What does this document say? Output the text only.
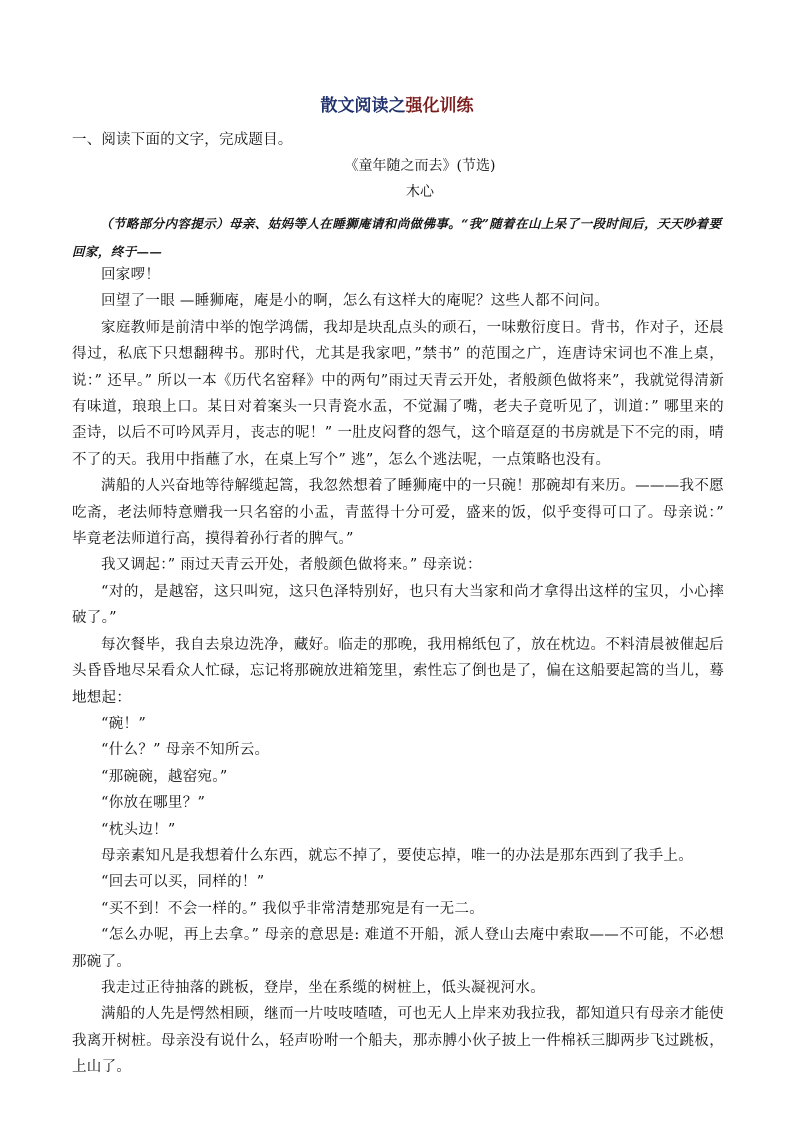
散文阅读之强化训练
一、阅读下面的文字，完成题目。
《童年随之而去》(节选)
木心
（节略部分内容提示）母亲、姑妈等人在睡狮庵请和尚做佛事。“我”随着在山上呆了一段时间后，天天吵着要回家，终于——

回家啰！

回望了一眼 —睡狮庵，庵是小的啊，怎么有这样大的庵呢？这些人都不问问。

家庭教师是前清中举的饱学鸿儒，我却是块乱点头的顽石，一味敷衍度日。背书，作对子，还晨得过，私底下只想翻稗书。那时代，尤其是我家吧，”禁书” 的范围之广，连唐诗宋词也不准上桌，说：” 还早。” 所以一本《历代名窑释》中的两句”雨过天青云开处，者般颜色做将来”，我就觉得清新有味道，琅琅上口。某日对着案头一只青瓷水盂，不觉漏了嘴，老夫子竟听见了，训道：” 哪里来的歪诗，以后不可吟风弄月，丧志的呢！” 一肚皮闷瞀的怨气，这个暗趸趸的书房就是下不完的雨，晴不了的天。我用中指蘸了水，在桌上写个” 逃”，怎么个逃法呢，一点策略也没有。

满船的人兴奋地等待解缆起篙，我忽然想着了睡狮庵中的一只碗！那碗却有来历。———我不愿吃斋，老法师特意赠我一只名窑的小盂，青蓝得十分可爱，盛来的饭，似乎变得可口了。母亲说：” 毕竟老法师道行高，摸得着孙行者的脾气。”

我又调起：” 雨过天青云开处，者般颜色做将来。” 母亲说：

“对的，是越窑，这只叫宛，这只色泽特别好，也只有大当家和尚才拿得出这样的宝贝，小心摔破了。”

每次餐毕，我自去泉边洗净，藏好。临走的那晚，我用棉纸包了，放在枕边。不料清晨被催起后头昏昏地尽呆看众人忙碌，忘记将那碗放进箱笼里，索性忘了倒也是了，偏在这船要起篙的当儿，蓦地想起：

“碗！”

“什么？” 母亲不知所云。

“那碗碗，越窑宛。”

“你放在哪里？”

“枕头边！”

母亲素知凡是我想着什么东西，就忘不掉了，要使忘掉，唯一的办法是那东西到了我手上。

“回去可以买，同样的！”

“买不到！不会一样的。” 我似乎非常清楚那宛是有一无二。

“怎么办呢，再上去拿。” 母亲的意思是: 难道不开船，派人登山去庵中索取——不可能，不必想那碗了。

我走过正待抽落的跳板，登岸，坐在系缆的树桩上，低头凝视河水。

满船的人先是愕然相顾，继而一片吱吱喳喳，可也无人上岸来劝我拉我，都知道只有母亲才能使我离开树桩。母亲没有说什么，轻声吩咐一个船夫，那赤膊小伙子披上一件棉袄三脚两步飞过跳板，上山了。
